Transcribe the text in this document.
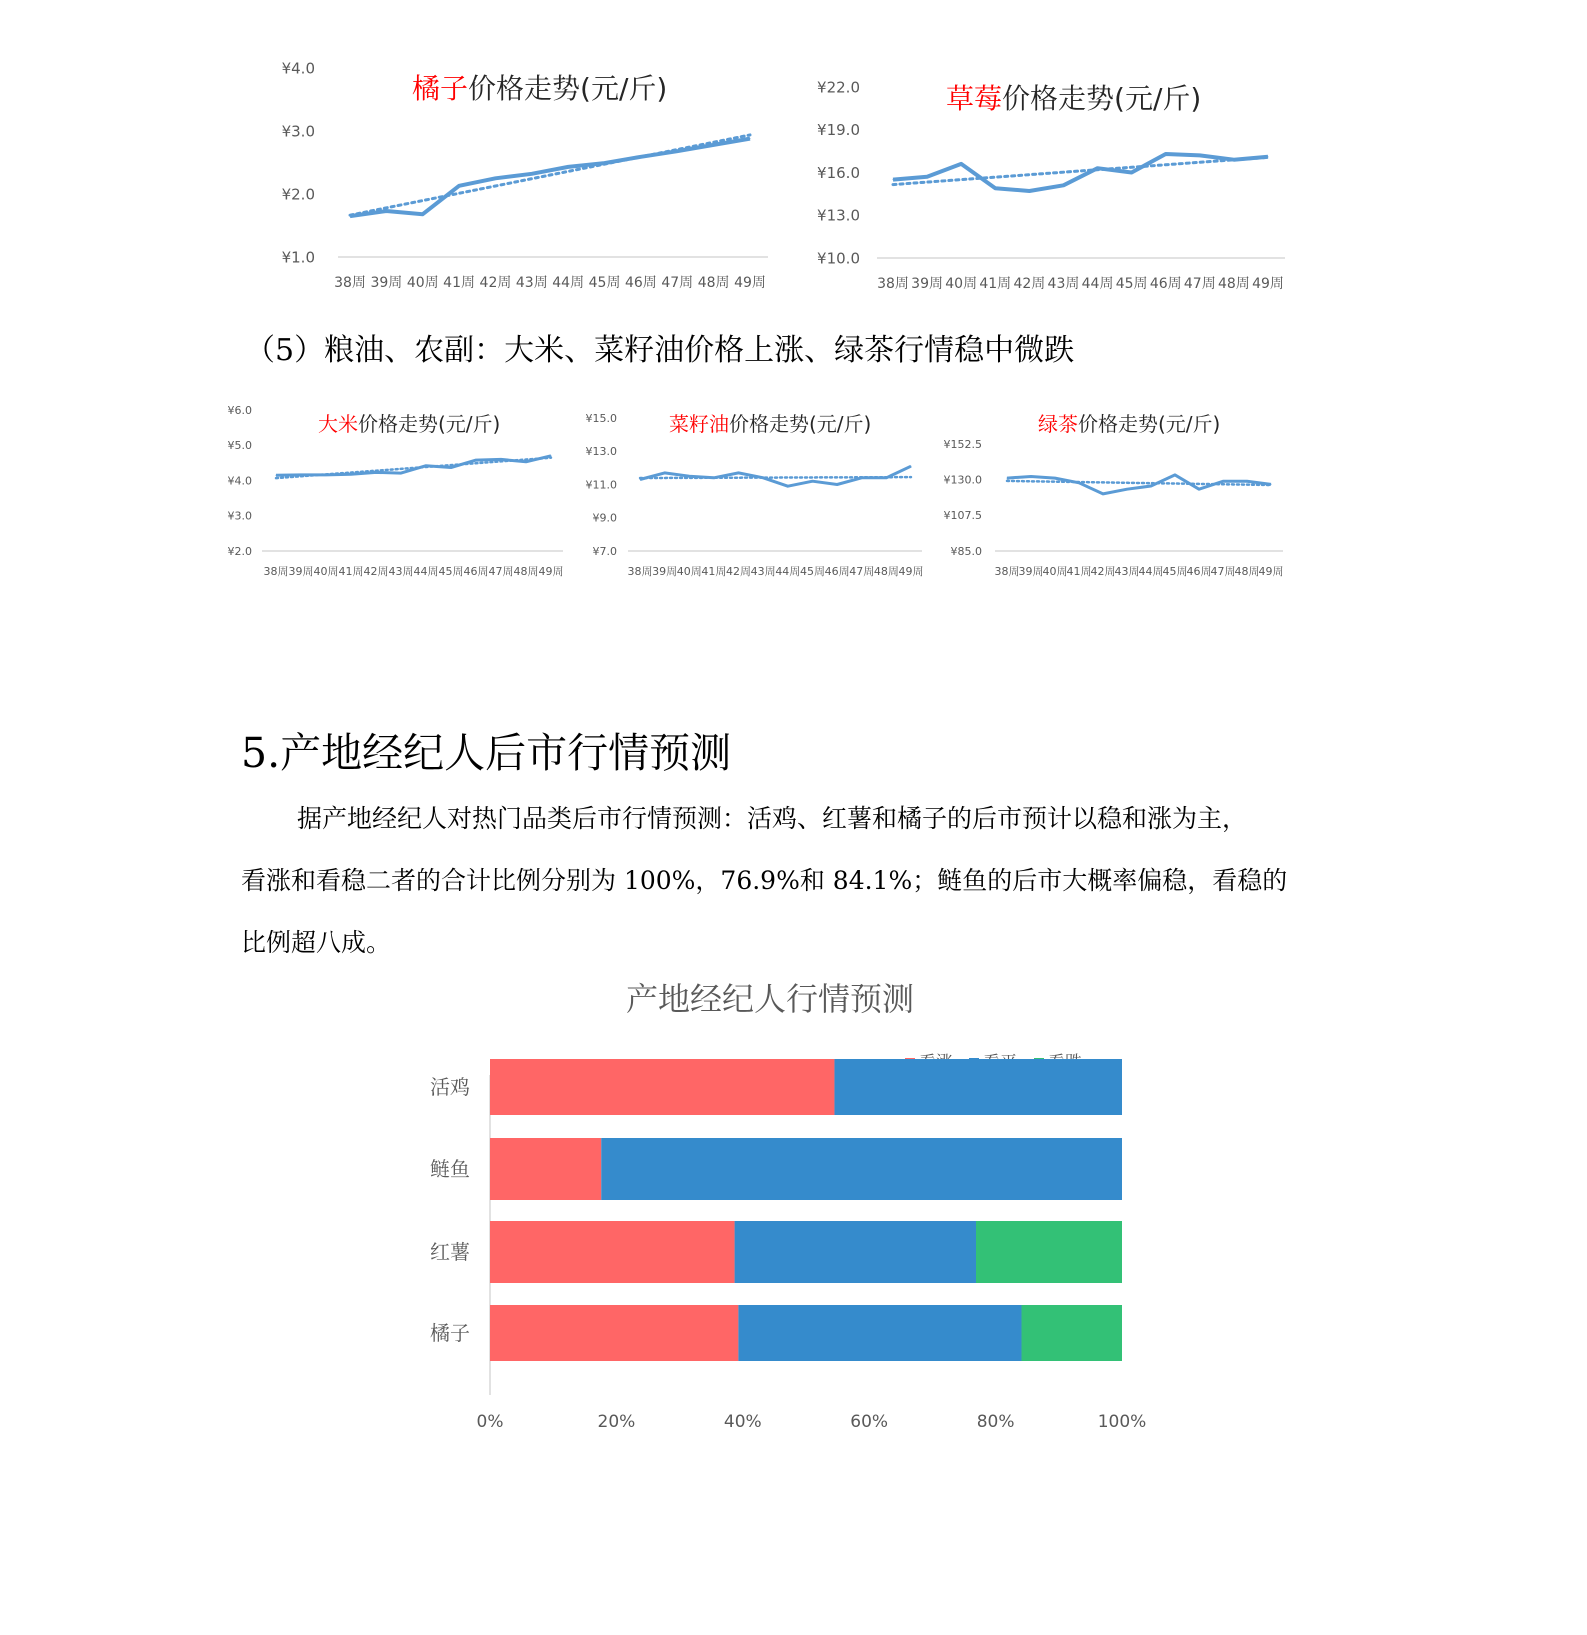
橘子价格走势(元/斤)
¥4.0
¥3.0
¥2.0
¥1.0
38周 39周 40周 41周 42周 43周 44周 45周 46周 47周 48周 49周
草莓价格走势(元/斤)
¥22.0
¥19.0
¥16.0
¥13.0
¥10.0
38周 39周 40周 41周 42周 43周 44周 45周 46周 47周 48周 49周

（5）粮油、农副：大米、菜籽油价格上涨、绿茶行情稳中微跌

大米价格走势(元/斤)
¥6.0
¥5.0
¥4.0
¥3.0
¥2.0
38周 39周 40周 41周 42周 43周 44周 45周 46周 47周 48周 49周
菜籽油价格走势(元/斤)
¥15.0
¥13.0
¥11.0
¥9.0
¥7.0
38周 39周 40周 41周 42周 43周 44周 45周 46周 47周 48周 49周
绿茶价格走势(元/斤)
¥152.5
¥130.0
¥107.5
¥85.0
38周 39周 40周 41周 42周 43周 44周 45周 46周 47周 48周 49周
5.产地经纪人后市行情预测
据产地经纪人对热门品类后市行情预测：活鸡、红薯和橘子的后市预计以稳和涨为主，
看涨和看稳二者的合计比例分别为 100%，76.9%和 84.1%；鲢鱼的后市大概率偏稳，看稳的
比例超八成。
产地经纪人行情预测
活鸡
鲢鱼
红薯
橘子
0%	20%	40%	60%	80%	100%
